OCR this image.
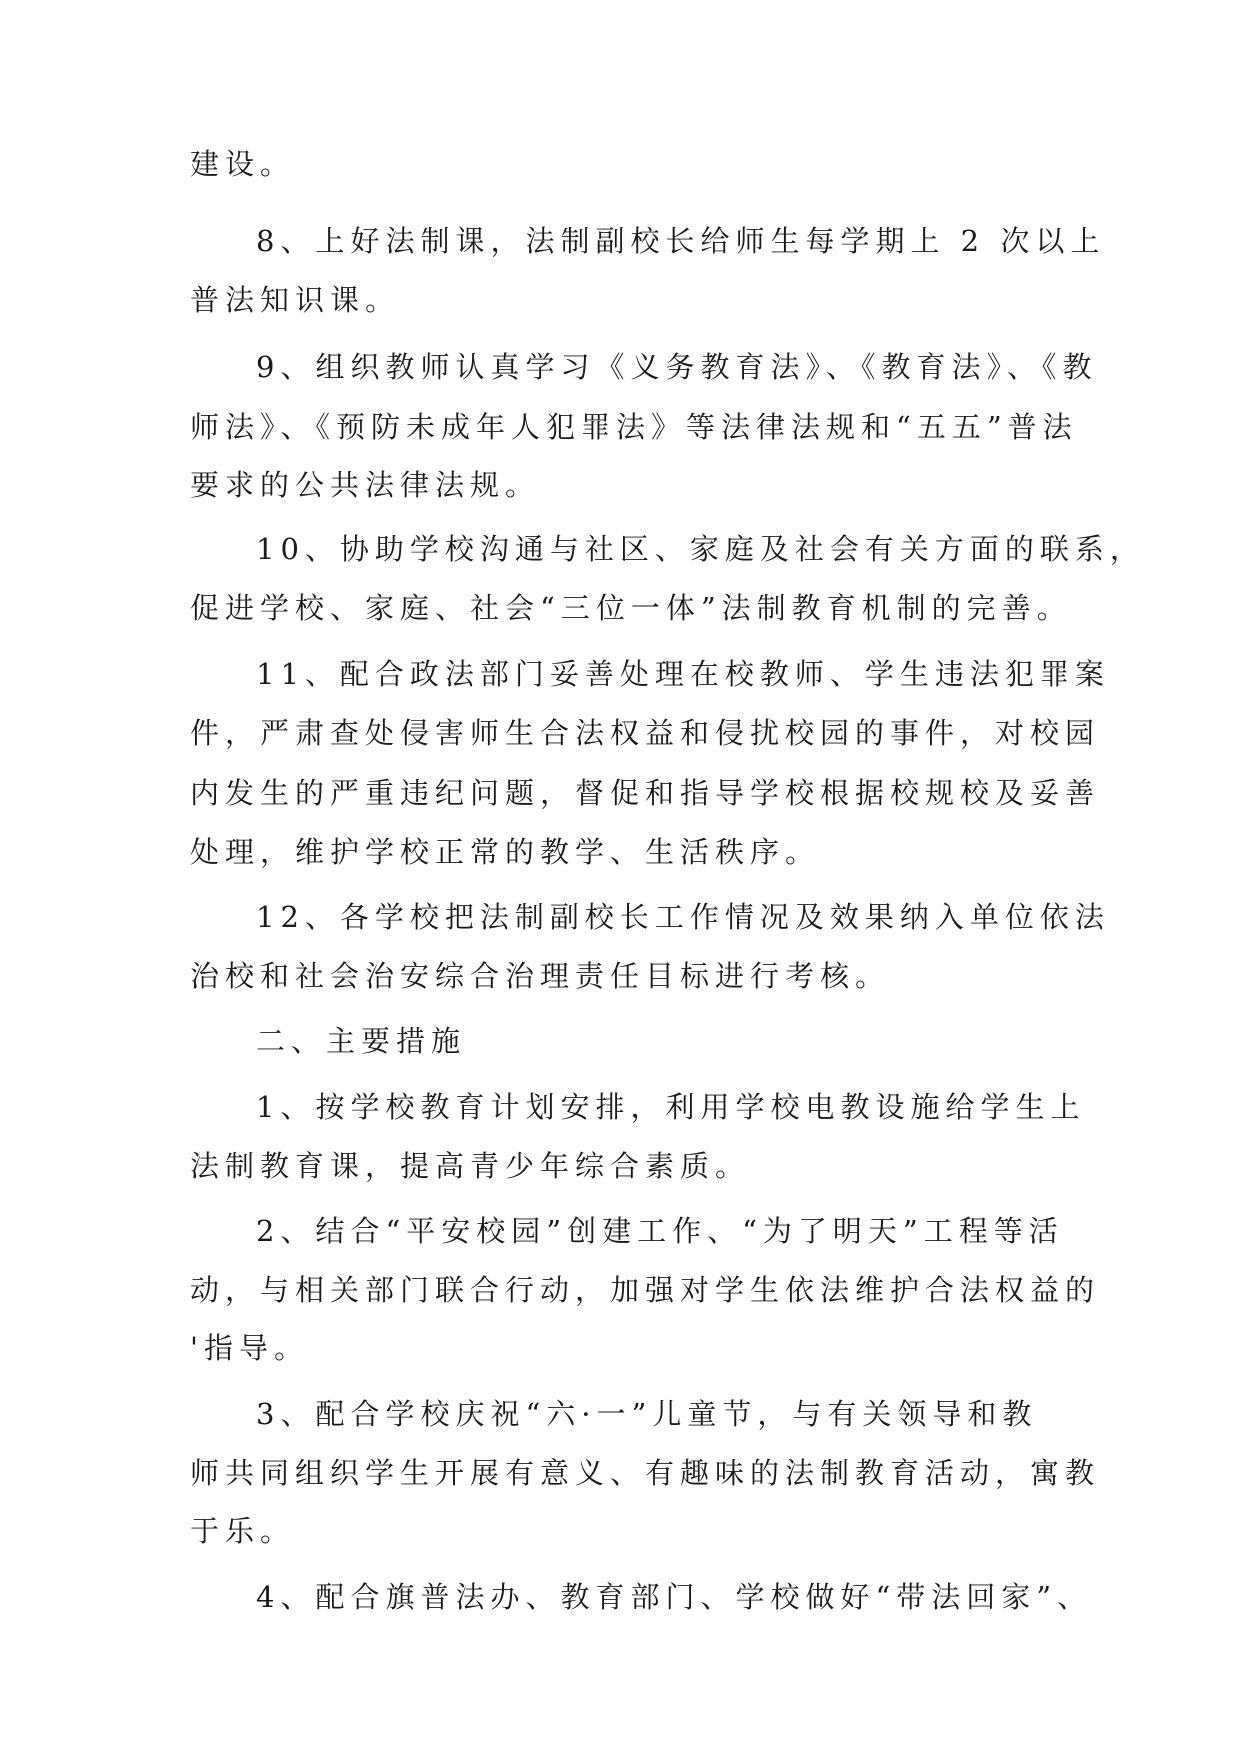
建设。
8、上好法制课，法制副校长给师生每学期上 2 次以上
普法知识课。
9、组织教师认真学习《义务教育法》、《教育法》、《教
师法》、《预防未成年人犯罪法》等法律法规和“五五”普法
要求的公共法律法规。
10、协助学校沟通与社区、家庭及社会有关方面的联系，
促进学校、家庭、社会“三位一体”法制教育机制的完善。
11、配合政法部门妥善处理在校教师、学生违法犯罪案
件，严肃查处侵害师生合法权益和侵扰校园的事件，对校园
内发生的严重违纪问题，督促和指导学校根据校规校及妥善
处理，维护学校正常的教学、生活秩序。
12、各学校把法制副校长工作情况及效果纳入单位依法
治校和社会治安综合治理责任目标进行考核。
二、主要措施
1、按学校教育计划安排，利用学校电教设施给学生上
法制教育课，提高青少年综合素质。
2、结合“平安校园”创建工作、“为了明天”工程等活
动，与相关部门联合行动，加强对学生依法维护合法权益的
'指导。
3、配合学校庆祝“六·一”儿童节，与有关领导和教
师共同组织学生开展有意义、有趣味的法制教育活动，寓教
于乐。
4、配合旗普法办、教育部门、学校做好“带法回家”、
